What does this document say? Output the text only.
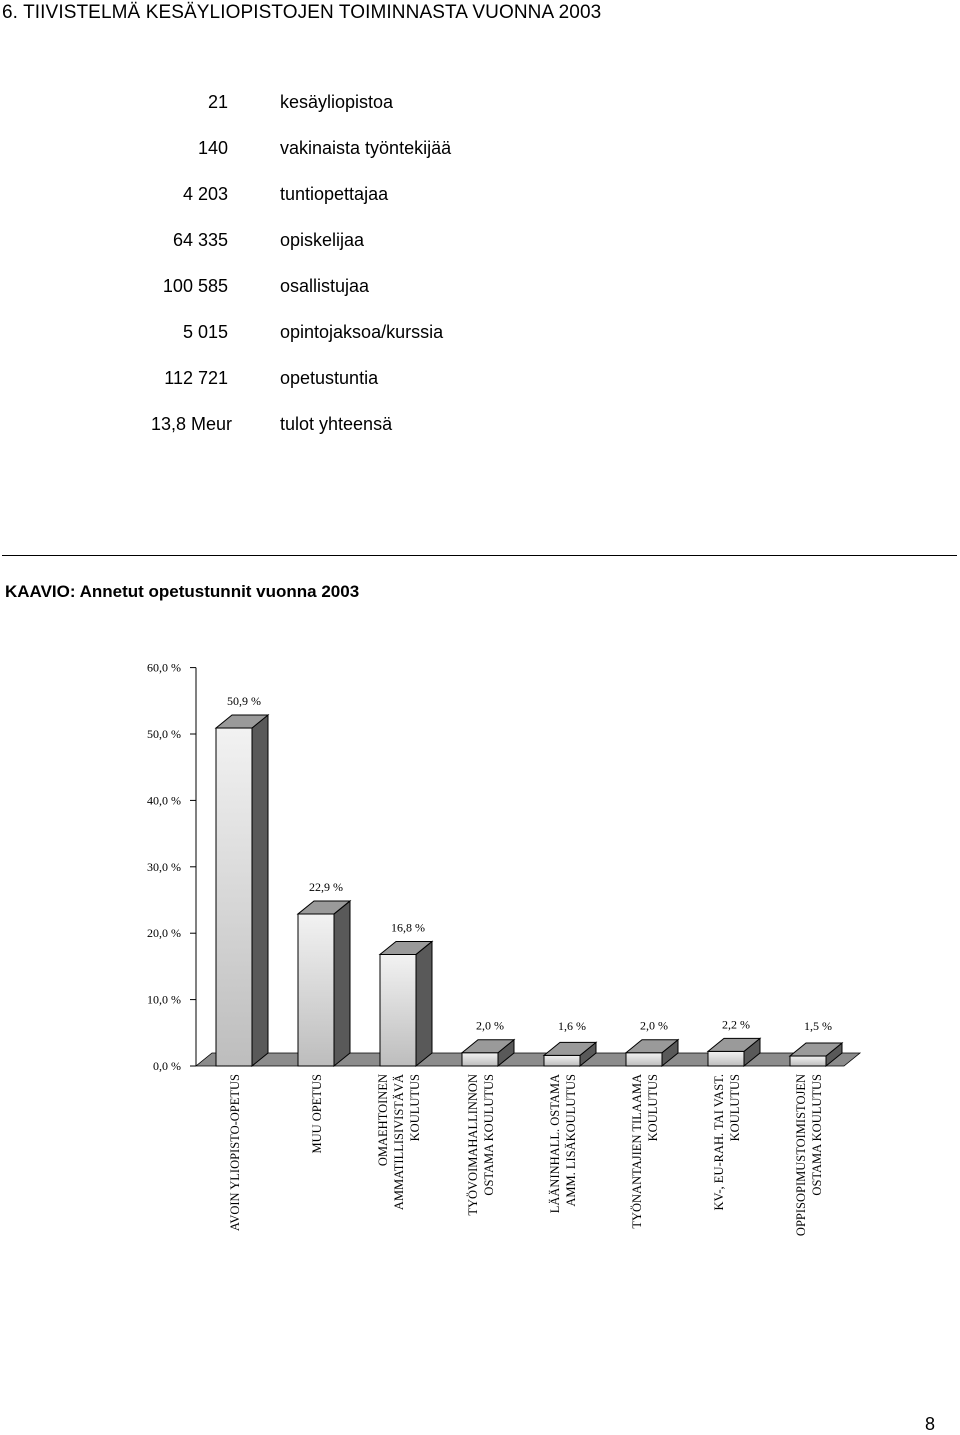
6. TIIVISTELMÄ KESÄYLIOPISTOJEN TOIMINNASTA VUONNA 2003
21	kesäyliopistoa
140	vakinaista työntekijää
4 203	tuntiopettajaa
64 335	opiskelijaa
100 585	osallistujaa
5 015	opintojaksoa/kurssia
112 721	opetustuntia
13,8 Meur	tulot yhteensä
KAAVIO: Annetut opetustunnit vuonna 2003
0,0 %
10,0 %
20,0 %
30,0 %
40,0 %
50,0 %
60,0 %
50,9 %
AVOIN YLIOPISTO-OPETUS
22,9 %
MUU OPETUS
16,8 %
OMAEHTOINEN AMMATILLISIVISTÄVÄ KOULUTUS
2,0 %
TYÖVOIMAHALLINNON OSTAMA KOULUTUS
1,6 %
LÄÄNINHALL. OSTAMA AMM. LISÄKOULUTUS
2,0 %
TYÖNANTAJIEN TILAAMA KOULUTUS
2,2 %
KV-, EU-RAH. TAI VAST. KOULUTUS
1,5 %
OPPISOPIMUSTOIMISTOJEN OSTAMA KOULUTUS
8
